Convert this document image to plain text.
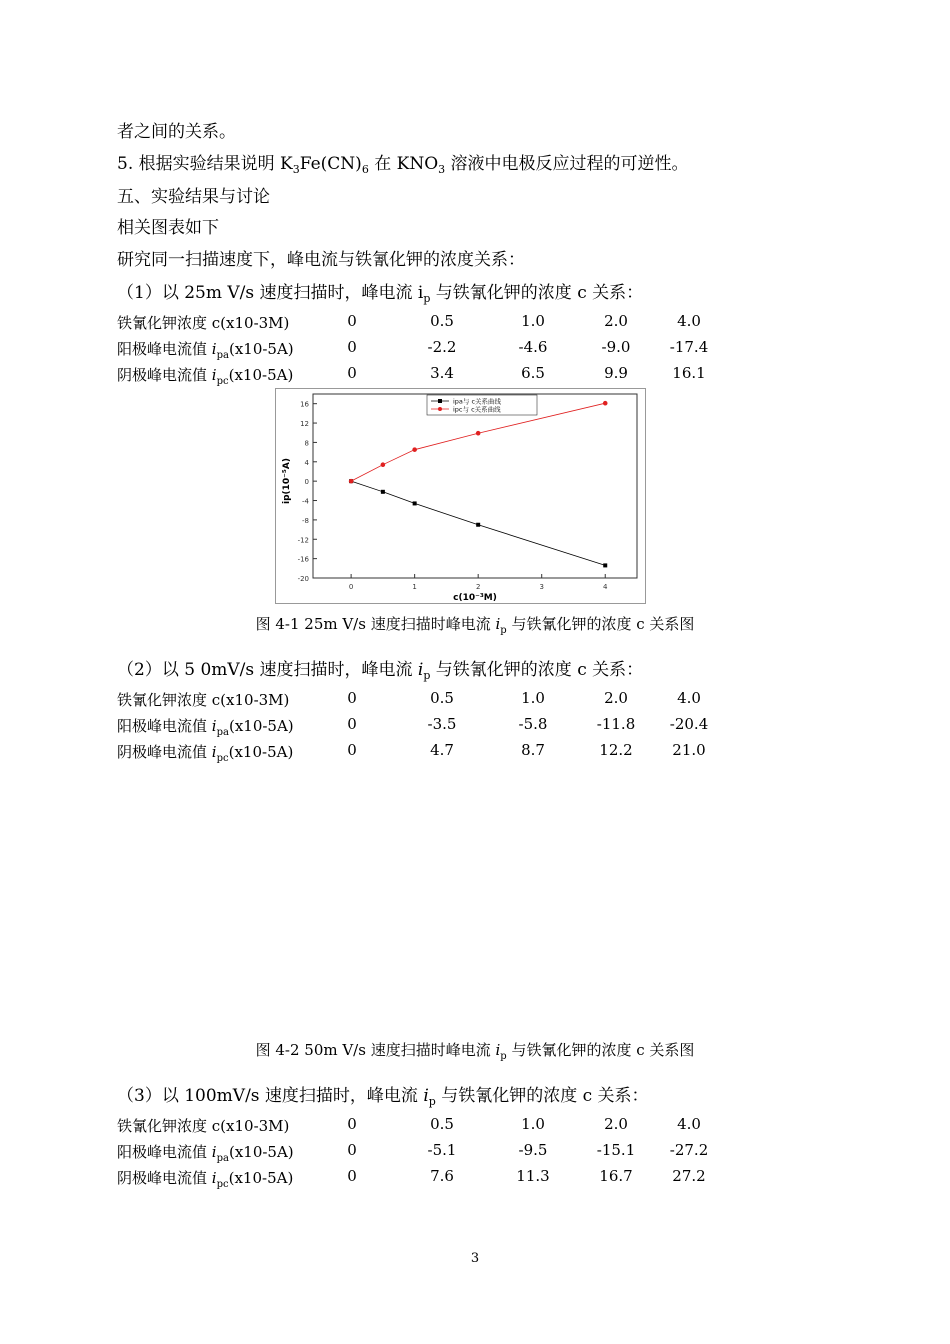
者之间的关系。
5. 根据实验结果说明 $K_3Fe(CN)_6$ 在 $KNO_3$ 溶液中电极反应过程的可逆性。
五、实验结果与讨论
相关图表如下
研究同一扫描速度下，峰电流与铁氰化钾的浓度关系：
（1）以 25m V/s 速度扫描时，峰电流 $i_p$ 与铁氰化钾的浓度 c 关系：
铁氰化钾浓度 c(x10-3M)	0	0.5	1.0	2.0	4.0
阳极峰电流值 $i_{pa}(x10-5A)$	0	-2.2	-4.6	-9.0	-17.4
阴极峰电流值 $i_{pc}(x10-5A)$	0	3.4	6.5	9.9	16.1
-20
-16
-12
-8
-4
0
4
8
12
16
0	1	2	3	4
ip(10⁻⁵A)
c(10⁻³M)
ipa与 c关系曲线
ipc与 c关系曲线
图 4-1 25m V/s 速度扫描时峰电流 $i_p$ 与铁氰化钾的浓度 c 关系图
（2）以 5 0mV/s 速度扫描时，峰电流 $i_p$ 与铁氰化钾的浓度 c 关系：
铁氰化钾浓度 c(x10-3M)	0	0.5	1.0	2.0	4.0
阳极峰电流值 $i_{pa}(x10-5A)$	0	-3.5	-5.8	-11.8	-20.4
阴极峰电流值 $i_{pc}(x10-5A)$	0	4.7	8.7	12.2	21.0
图 4-2 50m V/s 速度扫描时峰电流 $i_p$ 与铁氰化钾的浓度 c 关系图
（3）以 100mV/s 速度扫描时，峰电流 $i_p$ 与铁氰化钾的浓度 c 关系：
铁氰化钾浓度 c(x10-3M)	0	0.5	1.0	2.0	4.0
阳极峰电流值 $i_{pa}(x10-5A)$	0	-5.1	-9.5	-15.1	-27.2
阴极峰电流值 $i_{pc}(x10-5A)$	0	7.6	11.3	16.7	27.2
3
